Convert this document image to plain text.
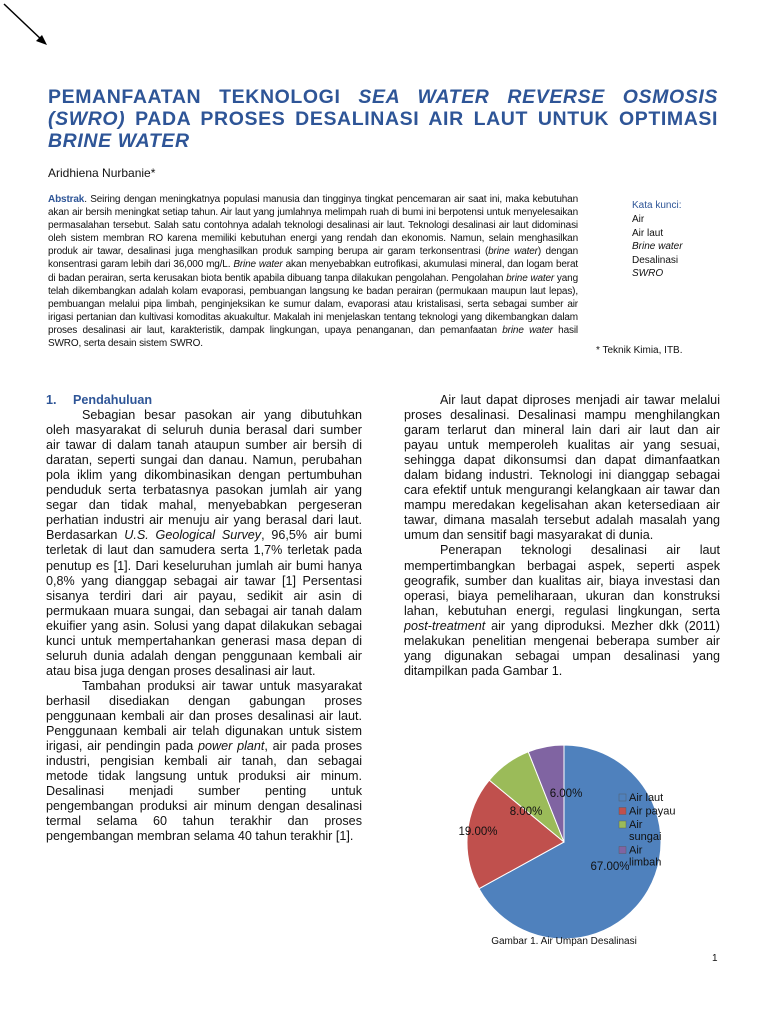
PEMANFAATAN TEKNOLOGI SEA WATER REVERSE OSMOSIS (SWRO) PADA PROSES DESALINASI AIR LAUT UNTUK OPTIMASI BRINE WATER
Aridhiena Nurbanie*

Abstrak. Seiring dengan meningkatnya populasi manusia dan tingginya tingkat pencemaran air saat ini, maka kebutuhan akan air bersih meningkat setiap tahun. Air laut yang jumlahnya melimpah ruah di bumi ini berpotensi untuk menyelesaikan permasalahan tersebut. Salah satu contohnya adalah teknologi desalinasi air laut. Teknologi desalinasi air laut didominasi oleh sistem membran RO karena memiliki kebutuhan energi yang rendah dan ekonomis. Namun, selain menghasilkan produk air tawar, desalinasi juga menghasilkan produk samping berupa air garam terkonsentrasi (brine water) dengan konsentrasi garam lebih dari 36,000 mg/L. Brine water akan menyebabkan eutrofikasi, akumulasi mineral, dan logam berat di badan perairan, serta kerusakan biota bentik apabila dibuang tanpa dilakukan pengolahan. Pengolahan brine water yang telah dikembangkan adalah kolam evaporasi, pembuangan langsung ke badan perairan (permukaan maupun laut lepas), pembuangan melalui pipa limbah, penginjeksikan ke sumur dalam, evaporasi atau kristalisasi, serta sebagai sumber air irigasi pertanian dan kultivasi komoditas akuakultur. Makalah ini menjelaskan tentang teknologi yang dikembangkan dalam proses desalinasi air laut, karakteristik, dampak lingkungan, upaya penanganan, dan pemanfaatan brine water hasil SWRO, serta desain sistem SWRO.

Kata kunci:
Air
Air laut
Brine water
Desalinasi
SWRO
* Teknik Kimia, ITB.
1. Pendahuluan

Sebagian besar pasokan air yang dibutuhkan oleh masyarakat di seluruh dunia berasal dari sumber air tawar di dalam tanah ataupun sumber air bersih di daratan, seperti sungai dan danau. Namun, perubahan pola iklim yang dikombinasikan dengan pertumbuhan penduduk serta terbatasnya pasokan jumlah air yang segar dan tidak mahal, menyebabkan pergeseran perhatian industri air menuju air yang berasal dari laut. Berdasarkan U.S. Geological Survey, 96,5% air bumi terletak di laut dan samudera serta 1,7% terletak pada penutup es [1]. Dari keseluruhan jumlah air bumi hanya 0,8% yang dianggap sebagai air tawar [1] Persentasi sisanya terdiri dari air payau, sedikit air asin di permukaan muara sungai, dan sebagai air tanah dalam ekuifier yang asin. Solusi yang dapat dilakukan sebagai kunci untuk mempertahankan generasi masa depan di seluruh dunia adalah dengan penggunaan kembali air atau bisa juga dengan proses desalinasi air laut.

Tambahan produksi air tawar untuk masyarakat berhasil disediakan dengan gabungan proses penggunaan kembali air dan proses desalinasi air laut. Penggunaan kembali air telah digunakan untuk sistem irigasi, air pendingin pada power plant, air pada proses industri, pengisian kembali air tanah, dan sebagai metode tidak langsung untuk produksi air minum. Desalinasi menjadi sumber penting untuk pengembangan produksi air minum dengan desalinasi termal selama 60 tahun terakhir dan proses pengembangan membran selama 40 tahun terakhir [1].

Air laut dapat diproses menjadi air tawar melalui proses desalinasi. Desalinasi mampu menghilangkan garam terlarut dan mineral lain dari air laut dan air payau untuk memperoleh kualitas air yang sesuai, sehingga dapat dikonsumsi dan dapat dimanfaatkan dalam bidang industri. Teknologi ini dianggap sebagai cara efektif untuk mengurangi kelangkaan air tawar dan mampu meredakan kegelisahan akan ketersediaan air tawar, dimana masalah tersebut adalah masalah yang umum dan sensitif bagi masyarakat di dunia.

Penerapan teknologi desalinasi air laut mempertimbangkan berbagai aspek, seperti aspek geografik, sumber dan kualitas air, biaya investasi dan operasi, biaya pemeliharaan, ukuran dan konstruksi lahan, kebutuhan energi, regulasi lingkungan, serta post-treatment air yang diproduksi. Mezher dkk (2011) melakukan penelitian mengenai beberapa sumber air yang digunakan sebagai umpan desalinasi yang ditampilkan pada Gambar 1.

67.00%
19.00%
8.00%
6.00%	Air laut
Air payau
Air sungai
Air limbah
Gambar 1. Air Umpan Desalinasi
1
